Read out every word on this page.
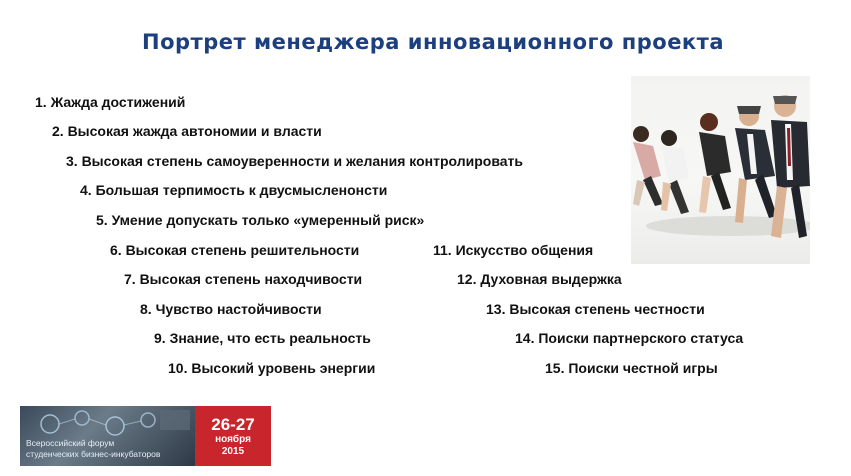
Портрет менеджера инновационного проекта
1. Жажда достижений
2. Высокая жажда автономии и власти
3. Высокая степень самоуверенности и желания контролировать
4. Большая терпимость к двусмысленонсти
5. Умение допускать только «умеренный риск»
6. Высокая степень решительности
7. Высокая степень находчивости
8. Чувство настойчивости
9. Знание, что есть реальность
10. Высокий уровень энергии
11. Искусство общения
12. Духовная выдержка
13. Высокая степень честности
14. Поиски партнерского статуса
15. Поиски честной игры
Всероссийский форум
студенческих бизнес-инкубаторов
26-27
ноября
2015
